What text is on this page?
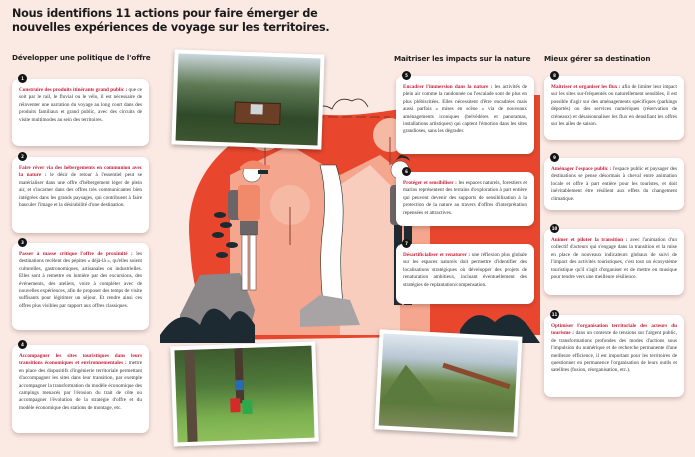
Nous identifions 11 actions pour faire émerger de nouvelles expériences de voyage sur les territoires.
Développer une politique de l'offre	Maitriser les impacts sur la nature Mieux gérer sa destination
1
Construire des produits itinérants grand public : que ce soit par le rail, le fluvial ou le vélo, il est nécessaire de réinventer une narration du voyage au long court dans des produits familiaux et grand public, avec des circuits de visite multimodes au sein des territoires.
2
Faire rêver via des hébergements en communion avec la nature : le désir de retour à l'essentiel peut se matérialiser dans une offre d'hébergement léger de plein air, et s'incarner dans des offres très communicantes bien intégrées dans les grands paysages, qui contribuent à faire basculer l'image et la désirabilité d'une destination.
3
Passer à masse critique l'offre de proximité : les destinations recèlent des pépites « déjà-là », qu'elles soient culturelles, gastronomiques, artisanales ou industrielles. Elles sont à remettre en lumière par des excursions, des événements, des ateliers, voire à compléter avec de nouvelles expériences, afin de proposer des temps de visite suffisants pour légitimer un séjour. Et rendre ainsi ces offres plus visibles par rapport aux offres classiques.
4
Accompagner les sites touristiques dans leurs transitions économiques et environnementales : mettre en place des dispositifs d'ingénierie territoriale permettant d'accompagner les sites dans leur transition, par exemple accompagner la transformation du modèle économique des campings menacés par l'érosion du trait de côte ou accompagner l'évolution de la stratégie d'offre et du modèle économique des stations de montage, etc.
5
Encadrer l'immersion dans la nature : les activités de plein air comme la randonnée ou l'escalade sont de plus en plus plébiscitées. Elles nécessitent d'être encadrées mais aussi parfois « mises en scène » via de nouveaux aménagements iconiques (belvédères et panoramas, installations artistiques) qui captent l'émotion dans les sites grandioses, sans les dégrader.
6
Protéger et sensibiliser : les espaces naturels, forestiers et marins représentent des terrains d'exploration à part entière qui peuvent devenir des supports de sensibilisation à la protection de la nature au travers d'offres d'interprétation repensées et attractives.
7
Désartificialiser et renaturer : une réflexion plus globale sur les espaces naturels doit permettre d'identifier des localisations stratégiques où développer des projets de renaturation ambitieux, incluant éventuellement des stratégies de replantation/compensation.
8
Maitriser et organiser les flux : afin de limiter leur impact sur les sites sur-fréquentés ou naturellement sensibles, il est possible d'agir sur des aménagements spécifiques (parkings déportés) ou des services numériques (réservation de créneaux) et désaisonnaliser les flux en densifiant les offres sur les ailes de saison.
9
Aménager l'espace public : l'espace public et paysager des destinations se pense désormais à cheval entre animation locale et offre à part entière pour les touristes, et doit inévitablement être résilient aux effets du changement climatique.
10
Animer et piloter la transition : avec l'animation d'un collectif d'acteurs qui s'engage dans la transition et la mise en place de nouveaux indicateurs globaux de suivi de l'impact des activités touristiques, c'est tout un écosystème touristique qu'il s'agit d'organiser et de mettre en musique pour tendre vers une meilleure résilience.
11
Optimiser l'organisation territoriale des acteurs du tourisme : dans un contexte de tensions sur l'argent public, de transformations profondes des modes d'actions sous l'impulsion du numérique et de recherche permanente d'une meilleure efficience, il est important pour les territoires de questionner en permanence l'organisation de leurs outils et satellites (fusion, réorganisation, etc.).
